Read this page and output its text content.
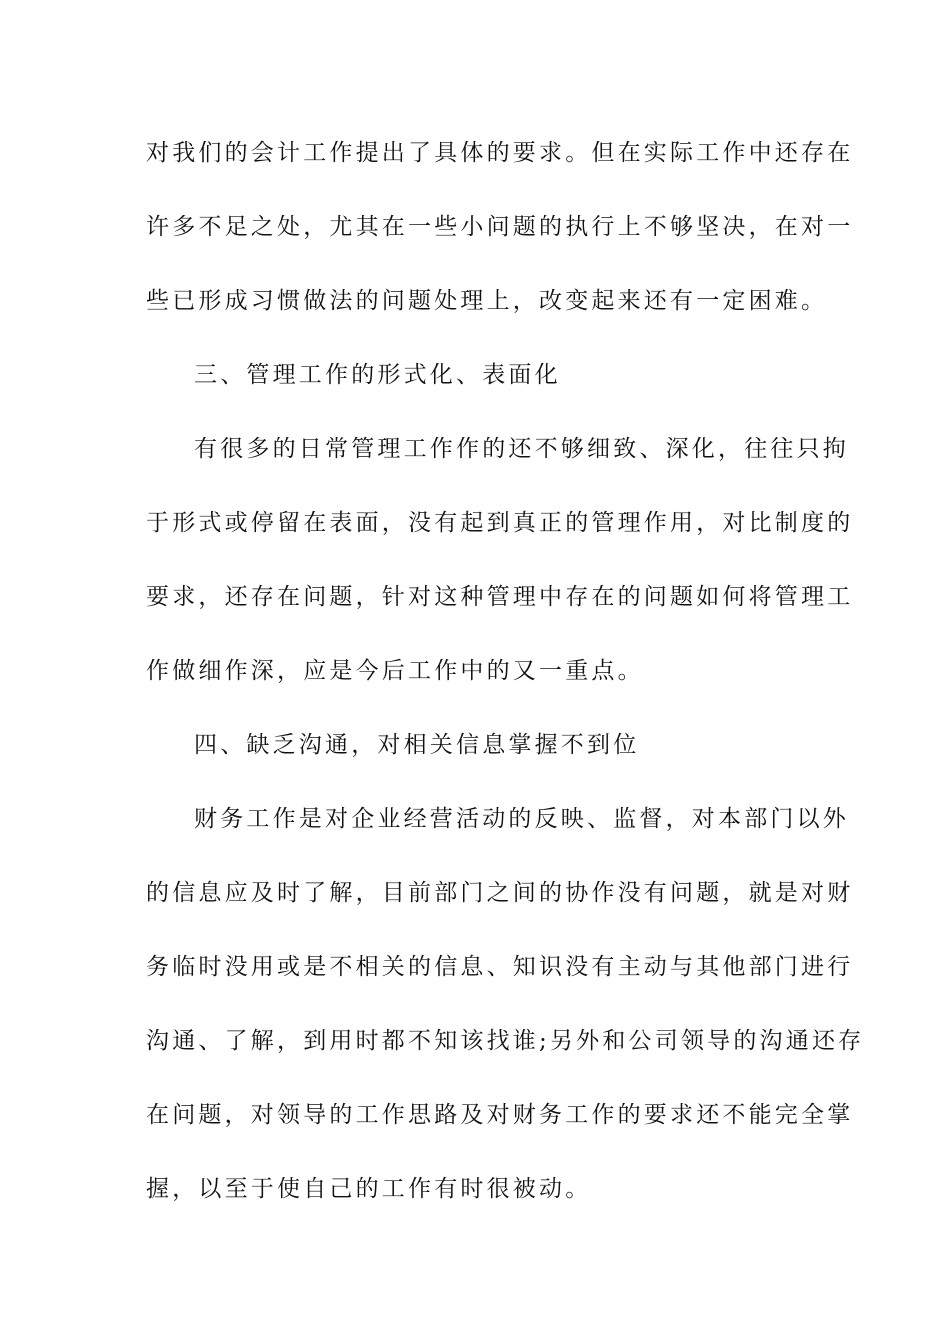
对我们的会计工作提出了具体的要求。但在实际工作中还存在
许多不足之处，尤其在一些小问题的执行上不够坚决，在对一
些已形成习惯做法的问题处理上，改变起来还有一定困难。
三、管理工作的形式化、表面化
有很多的日常管理工作作的还不够细致、深化，往往只拘
于形式或停留在表面，没有起到真正的管理作用，对比制度的
要求，还存在问题，针对这种管理中存在的问题如何将管理工
作做细作深，应是今后工作中的又一重点。
四、缺乏沟通，对相关信息掌握不到位
财务工作是对企业经营活动的反映、监督，对本部门以外
的信息应及时了解，目前部门之间的协作没有问题，就是对财
务临时没用或是不相关的信息、知识没有主动与其他部门进行
沟通、了解，到用时都不知该找谁;另外和公司领导的沟通还存
在问题，对领导的工作思路及对财务工作的要求还不能完全掌
握，以至于使自己的工作有时很被动。
